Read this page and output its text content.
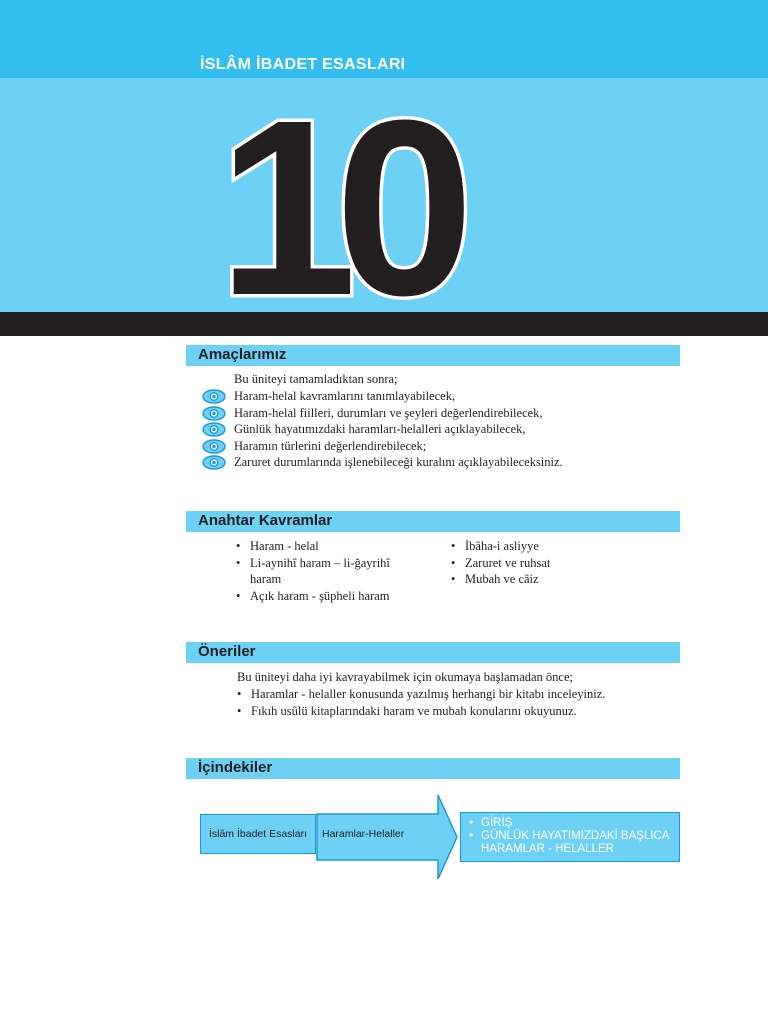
İSLÂM İBADET ESASLARI
10
Amaçlarımız
Bu üniteyi tamamladıktan sonra;
Haram-helal kavramlarını tanımlayabilecek,
Haram-helal fiilleri, durumları ve şeyleri değerlendirebilecek,
Günlük hayatımızdaki haramları-helalleri açıklayabilecek,
Haramın türlerini değerlendirebilecek;
Zaruret durumlarında işlenebileceği kuralını açıklayabileceksiniz.
Anahtar Kavramlar
• Haram - helal
• Li-aynihî haram – li-ğayrihî
haram
• Açık haram - şüpheli haram
• İbâha-i asliyye
• Zaruret ve ruhsat
• Mubah ve câiz
Öneriler
Bu üniteyi daha iyi kavrayabilmek için okumaya başlamadan önce;
• Haramlar - helaller konusunda yazılmış herhangi bir kitabı inceleyiniz.
• Fıkıh usûlü kitaplarındaki haram ve mubah konularını okuyunuz.
İçindekiler
İslâm İbadet Esasları Haramlar-Helaller
• GİRİŞ
• GÜNLÜK HAYATIMIZDAKİ BAŞLICA
HARAMLAR - HELALLER
